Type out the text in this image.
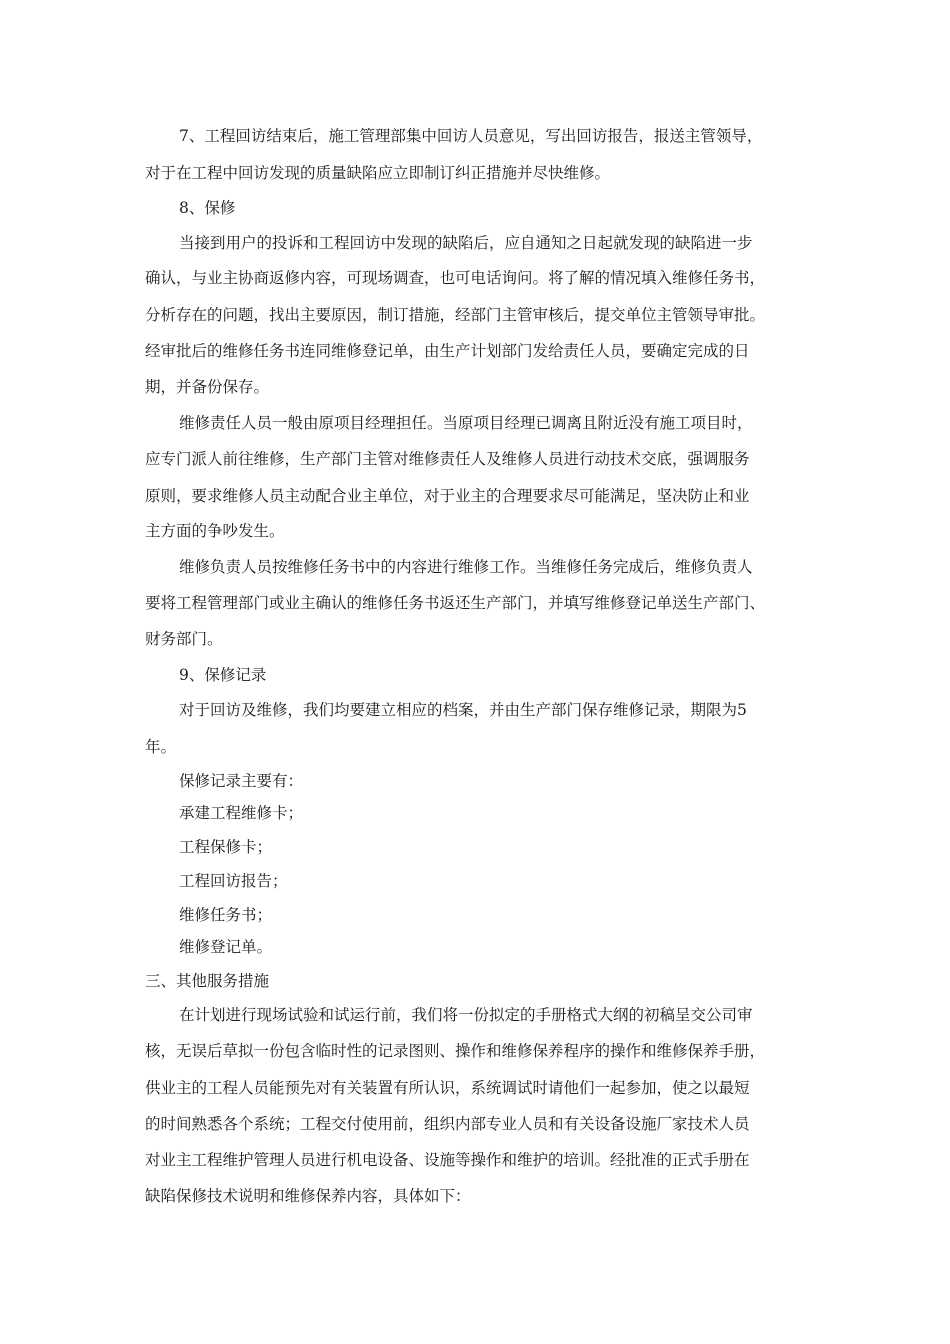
7、工程回访结束后，施工管理部集中回访人员意见，写出回访报告，报送主管领导，
对于在工程中回访发现的质量缺陷应立即制订纠正措施并尽快维修。
8、保修
当接到用户的投诉和工程回访中发现的缺陷后，应自通知之日起就发现的缺陷进一步
确认，与业主协商返修内容，可现场调查，也可电话询问。将了解的情况填入维修任务书，
分析存在的问题，找出主要原因，制订措施，经部门主管审核后，提交单位主管领导审批。
经审批后的维修任务书连同维修登记单，由生产计划部门发给责任人员，要确定完成的日
期，并备份保存。
维修责任人员一般由原项目经理担任。当原项目经理已调离且附近没有施工项目时，
应专门派人前往维修，生产部门主管对维修责任人及维修人员进行动技术交底，强调服务
原则，要求维修人员主动配合业主单位，对于业主的合理要求尽可能满足，坚决防止和业
主方面的争吵发生。
维修负责人员按维修任务书中的内容进行维修工作。当维修任务完成后，维修负责人
要将工程管理部门或业主确认的维修任务书返还生产部门，并填写维修登记单送生产部门、
财务部门。
9、保修记录
对于回访及维修，我们均要建立相应的档案，并由生产部门保存维修记录，期限为5
年。
保修记录主要有：
承建工程维修卡；
工程保修卡；
工程回访报告；
维修任务书；
维修登记单。
三、其他服务措施
在计划进行现场试验和试运行前，我们将一份拟定的手册格式大纲的初稿呈交公司审
核，无误后草拟一份包含临时性的记录图则、操作和维修保养程序的操作和维修保养手册，
供业主的工程人员能预先对有关装置有所认识，系统调试时请他们一起参加，使之以最短
的时间熟悉各个系统；工程交付使用前，组织内部专业人员和有关设备设施厂家技术人员
对业主工程维护管理人员进行机电设备、设施等操作和维护的培训。经批准的正式手册在
缺陷保修技术说明和维修保养内容，具体如下：
